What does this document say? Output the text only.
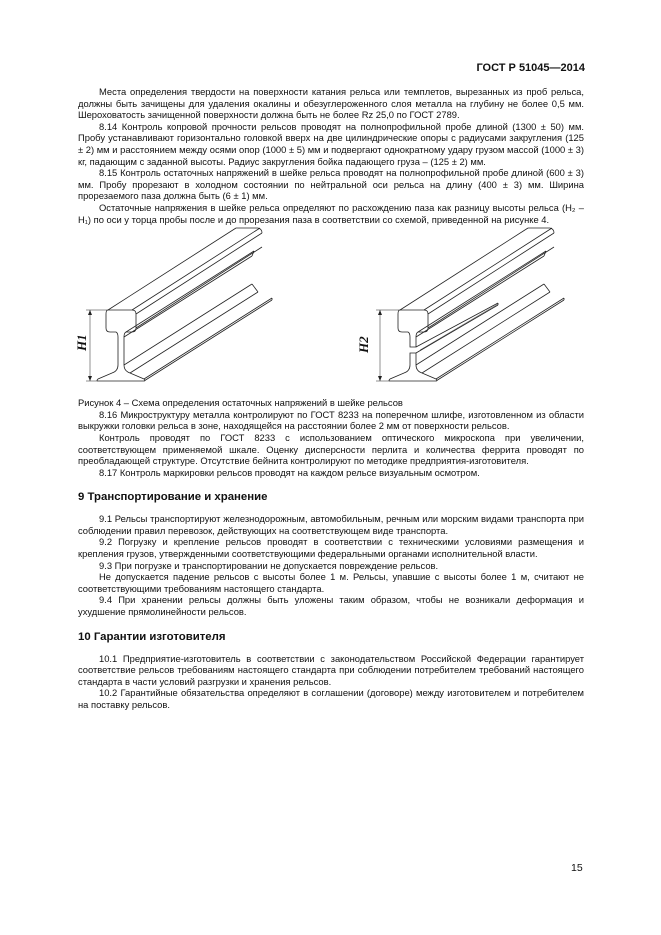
ГОСТ Р 51045—2014

Места определения твердости на поверхности катания рельса или темплетов, вырезанных из проб рельса, должны быть зачищены для удаления окалины и обезуглероженного слоя металла на глубину не более 0,5 мм. Шероховатость зачищенной поверхности должна быть не более Rz 25,0 по ГОСТ 2789.

8.14 Контроль копровой прочности рельсов проводят на полнопрофильной пробе длиной (1300 ± 50) мм. Пробу устанавливают горизонтально головкой вверх на две цилиндрические опоры с радиусами закругления (125 ± 2) мм и расстоянием между осями опор (1000 ± 5) мм и подвергают однократному удару грузом массой (1000 ± 3) кг, падающим с заданной высоты. Радиус закругления бойка падающего груза – (125 ± 2) мм.

8.15 Контроль остаточных напряжений в шейке рельса проводят на полнопрофильной пробе длиной (600 ± 3) мм. Пробу прорезают в холодном состоянии по нейтральной оси рельса на длину (400 ± 3) мм. Ширина прорезаемого паза должна быть (6 ± 1) мм.

Остаточные напряжения в шейке рельса определяют по расхождению паза как разницу высоты рельса (H₂ – H₁) по оси у торца пробы после и до прорезания паза в соответствии со схемой, приведенной на рисунке 4.

H1	H2

Рисунок 4 – Схема определения остаточных напряжений в шейке рельсов

8.16 Микроструктуру металла контролируют по ГОСТ 8233 на поперечном шлифе, изготовленном из области выкружки головки рельса в зоне, находящейся на расстоянии более 2 мм от поверхности рельсов.

Контроль проводят по ГОСТ 8233 с использованием оптического микроскопа при увеличении, соответствующем применяемой шкале. Оценку дисперсности перлита и количества феррита проводят по преобладающей структуре. Отсутствие бейнита контролируют по методике предприятия-изготовителя.

8.17 Контроль маркировки рельсов проводят на каждом рельсе визуальным осмотром.

9 Транспортирование и хранение

9.1 Рельсы транспортируют железнодорожным, автомобильным, речным или морским видами транспорта при соблюдении правил перевозок, действующих на соответствующем виде транспорта.

9.2 Погрузку и крепление рельсов проводят в соответствии с техническими условиями размещения и крепления грузов, утвержденными соответствующими федеральными органами исполнительной власти.

9.3 При погрузке и транспортировании не допускается повреждение рельсов.

Не допускается падение рельсов с высоты более 1 м. Рельсы, упавшие с высоты более 1 м, считают не соответствующими требованиям настоящего стандарта.

9.4 При хранении рельсы должны быть уложены таким образом, чтобы не возникали деформация и ухудшение прямолинейности рельсов.

10 Гарантии изготовителя

10.1 Предприятие-изготовитель в соответствии с законодательством Российской Федерации гарантирует соответствие рельсов требованиям настоящего стандарта при соблюдении потребителем требований настоящего стандарта в части условий разгрузки и хранения рельсов.

10.2 Гарантийные обязательства определяют в соглашении (договоре) между изготовителем и потребителем на поставку рельсов.

15
